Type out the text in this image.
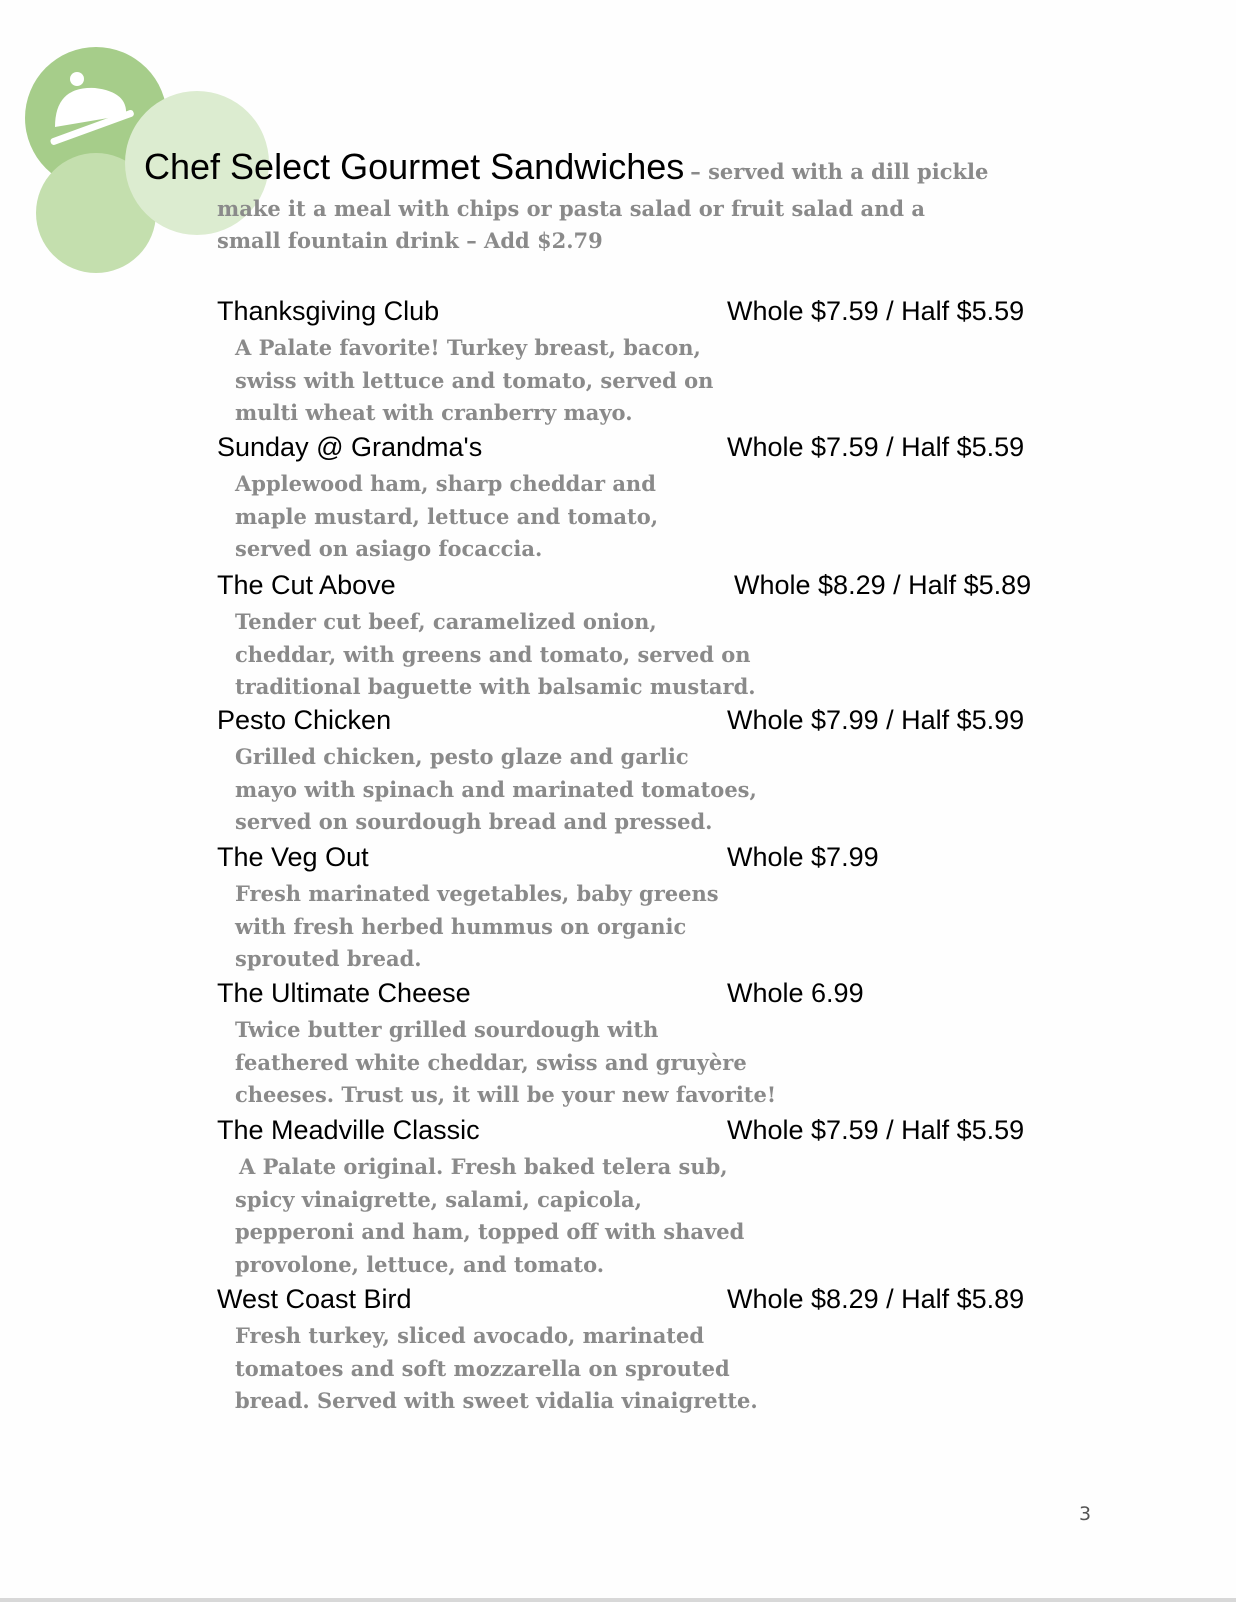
Chef Select Gourmet Sandwiches – served with a dill pickle
make it a meal with chips or pasta salad or fruit salad and a
small fountain drink – Add $2.79
Thanksgiving Club	Whole $7.59 / Half $5.59
A Palate favorite! Turkey breast, bacon,
swiss with lettuce and tomato, served on
multi wheat with cranberry mayo.
Sunday @ Grandma's	Whole $7.59 / Half $5.59
Applewood ham, sharp cheddar and
maple mustard, lettuce and tomato,
served on asiago focaccia.
The Cut Above	Whole $8.29 / Half $5.89
Tender cut beef, caramelized onion,
cheddar, with greens and tomato, served on
traditional baguette with balsamic mustard.
Pesto Chicken	Whole $7.99 / Half $5.99
Grilled chicken, pesto glaze and garlic
mayo with spinach and marinated tomatoes,
served on sourdough bread and pressed.
The Veg Out	Whole $7.99
Fresh marinated vegetables, baby greens
with fresh herbed hummus on organic
sprouted bread.
The Ultimate Cheese	Whole 6.99
Twice butter grilled sourdough with
feathered white cheddar, swiss and gruyère
cheeses. Trust us, it will be your new favorite!
The Meadville Classic	Whole $7.59 / Half $5.59
A Palate original. Fresh baked telera sub,
spicy vinaigrette, salami, capicola,
pepperoni and ham, topped off with shaved
provolone, lettuce, and tomato.
West Coast Bird	Whole $8.29 / Half $5.89
Fresh turkey, sliced avocado, marinated
tomatoes and soft mozzarella on sprouted
bread. Served with sweet vidalia vinaigrette.
3
